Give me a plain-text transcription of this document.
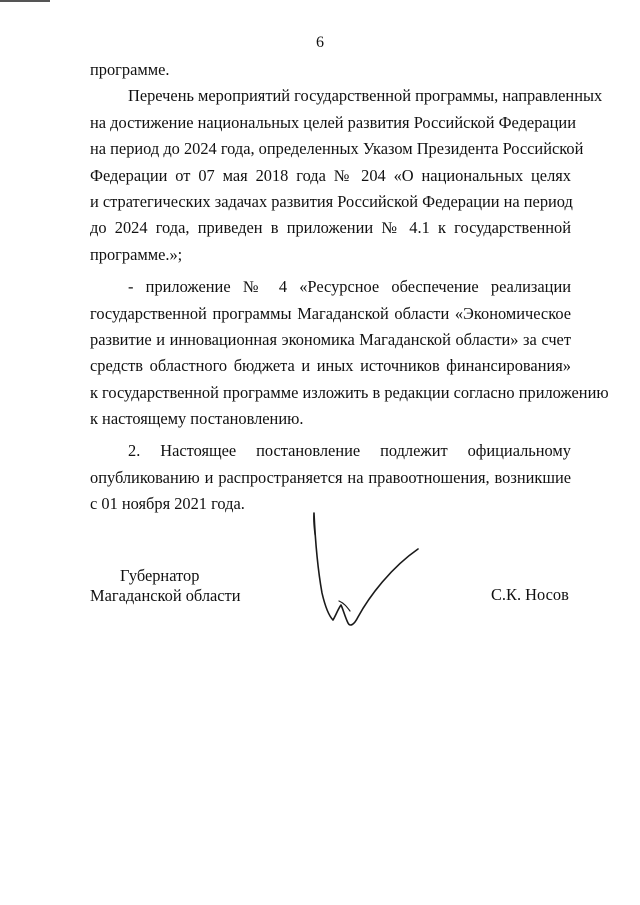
6
программе.
Перечень мероприятий государственной программы, направленных
на достижение национальных целей развития Российской Федерации
на период до 2024 года, определенных Указом Президента Российской
Федерации от 07 мая 2018 года № 204 «О национальных целях
и стратегических задачах развития Российской Федерации на период
до 2024 года, приведен в приложении № 4.1 к государственной
программе.»;
- приложение № 4 «Ресурсное обеспечение реализации
государственной программы Магаданской области «Экономическое
развитие и инновационная экономика Магаданской области» за счет
средств областного бюджета и иных источников финансирования»
к государственной программе изложить в редакции согласно приложению
к настоящему постановлению.
2. Настоящее постановление подлежит официальному
опубликованию и распространяется на правоотношения, возникшие
с 01 ноября 2021 года.
Губернатор
Магаданской области	С.К. Носов
